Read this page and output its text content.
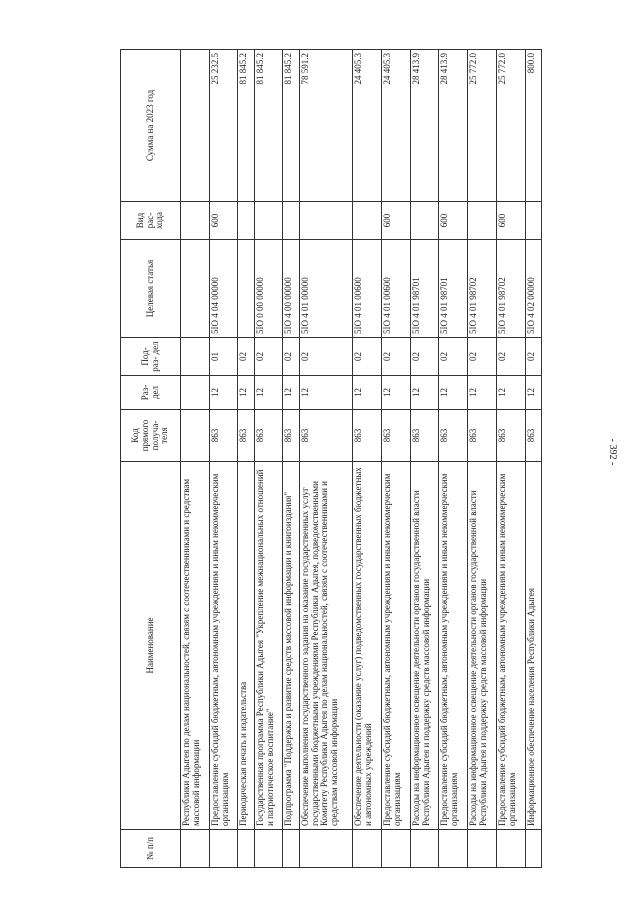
- 392 -
№ п/п	Наименование	Код прямого получа- теля	Раз- дел	Под- раз- дел	Целевая статья	Вид рас- хода	Сумма на 2023 год
	Республики Адыгея по делам национальностей, связям с соотечественниками и средствам массовой информации						
	Предоставление субсидий бюджетным, автономным учреждениям и иным некоммерческим организациям	863	12	01	5IO 4 04 00000	600	25 232.5
	Периодическая печать и издательства	863	12	02			81 845.2
	Государственная программа Республики Адыгея "Укрепление межнациональных отношений и патриотическое воспитание"	863	12	02	5IO 0 00 00000		81 845.2
	Подпрограмма "Поддержка и развитие средств массовой информации и книгоиздания"	863	12	02	5IO 4 00 00000		81 845.2
	Обеспечение выполнения государственного задания на оказание государственных услуг государственными бюджетными учреждениями Республики Адыгея, подведомственными Комитету Республики Адыгея по делам национальностей, связям с соотечественниками и средствам массовой информации	863	12	02	5IO 4 01 00000		78 591.2
	Обеспечение деятельности (оказание услуг) подведомственных государственных бюджетных и автономных учреждений	863	12	02	5IO 4 01 00600		24 405.3
	Предоставление субсидий бюджетным, автономным учреждениям и иным некоммерческим организациям	863	12	02	5IO 4 01 00600	600	24 405.3
	Расходы на информационное освещение деятельности органов государственной власти Республики Адыгея и поддержку средств массовой информации	863	12	02	5IO 4 01 98701		28 413.9
	Предоставление субсидий бюджетным, автономным учреждениям и иным некоммерческим организациям	863	12	02	5IO 4 01 98701	600	28 413.9
	Расходы на информационное освещение деятельности органов государственной власти Республики Адыгея и поддержку средств массовой информации	863	12	02	5IO 4 01 98702		25 772.0
	Предоставление субсидий бюджетным, автономным учреждениям и иным некоммерческим организациям	863	12	02	5IO 4 01 98702	600	25 772.0
	Информационное обеспечение населения Республики Адыгея	863	12	02	5IO 4 02 00000		800.0
